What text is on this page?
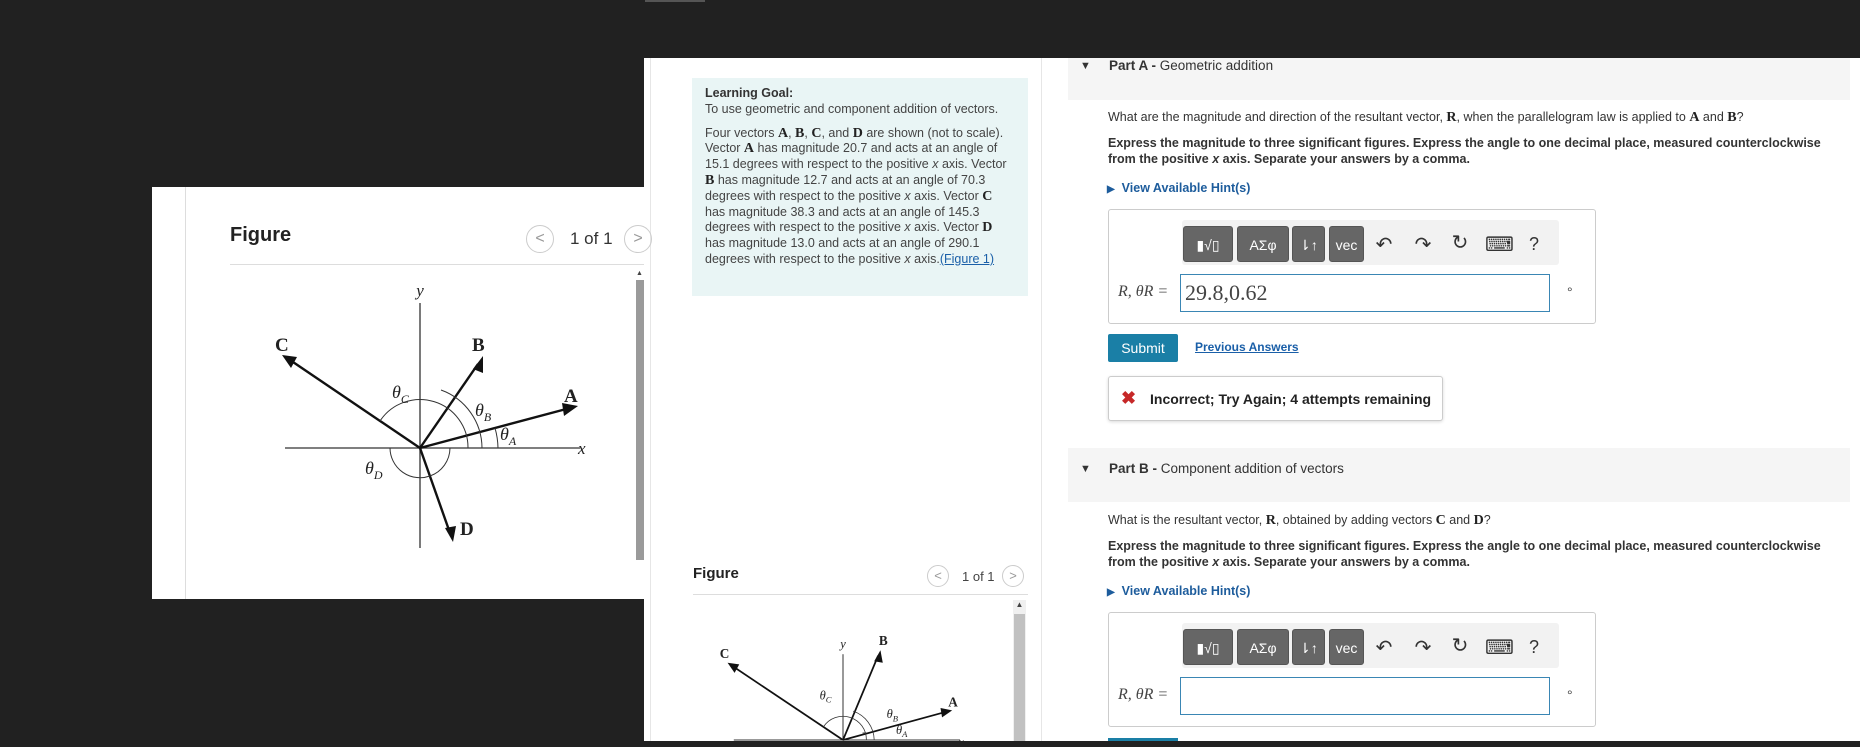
Learning Goal:

To use geometric and component addition of vectors.

Four vectors A, B, C, and D are shown (not to scale). Vector A has magnitude 20.7 and acts at an angle of 15.1 degrees with respect to the positive x axis. Vector B has magnitude 12.7 and acts at an angle of 70.3 degrees with respect to the positive x axis. Vector C has magnitude 38.3 and acts at an angle of 145.3 degrees with respect to the positive x axis. Vector D has magnitude 13.0 and acts at an angle of 290.1 degrees with respect to the positive x axis.(Figure 1)

Figure	<	1 of 1	>
y
A
B
C
$\theta_B$
$\theta_C$
$\theta_A$
▲
▼ Part A - Geometric addition
What are the magnitude and direction of the resultant vector, R, when the parallelogram law is applied to A and B?
Express the magnitude to three significant figures. Express the angle to one decimal place, measured counterclockwise from the positive x axis. Separate your answers by a comma.
▶ View Available Hint(s)
▮√▯	ΑΣφ	⇂↑	vec ↶ ↷ ↻ ⌨ ?
R, θR = 29.8,0.62	°
Submit	Previous Answers
✖ Incorrect; Try Again; 4 attempts remaining
▼ Part B - Component addition of vectors
What is the resultant vector, R, obtained by adding vectors C and D?
Express the magnitude to three significant figures. Express the angle to one decimal place, measured counterclockwise from the positive x axis. Separate your answers by a comma.
▶ View Available Hint(s)
▮√▯	ΑΣφ	⇂↑	vec ↶ ↷ ↻ ⌨ ?
R, θR =	°
Figure	<	1 of 1	>
▲
y
x
A
B
C
D
$\theta_C$
$\theta_B$
$\theta_A$
$\theta_D$
